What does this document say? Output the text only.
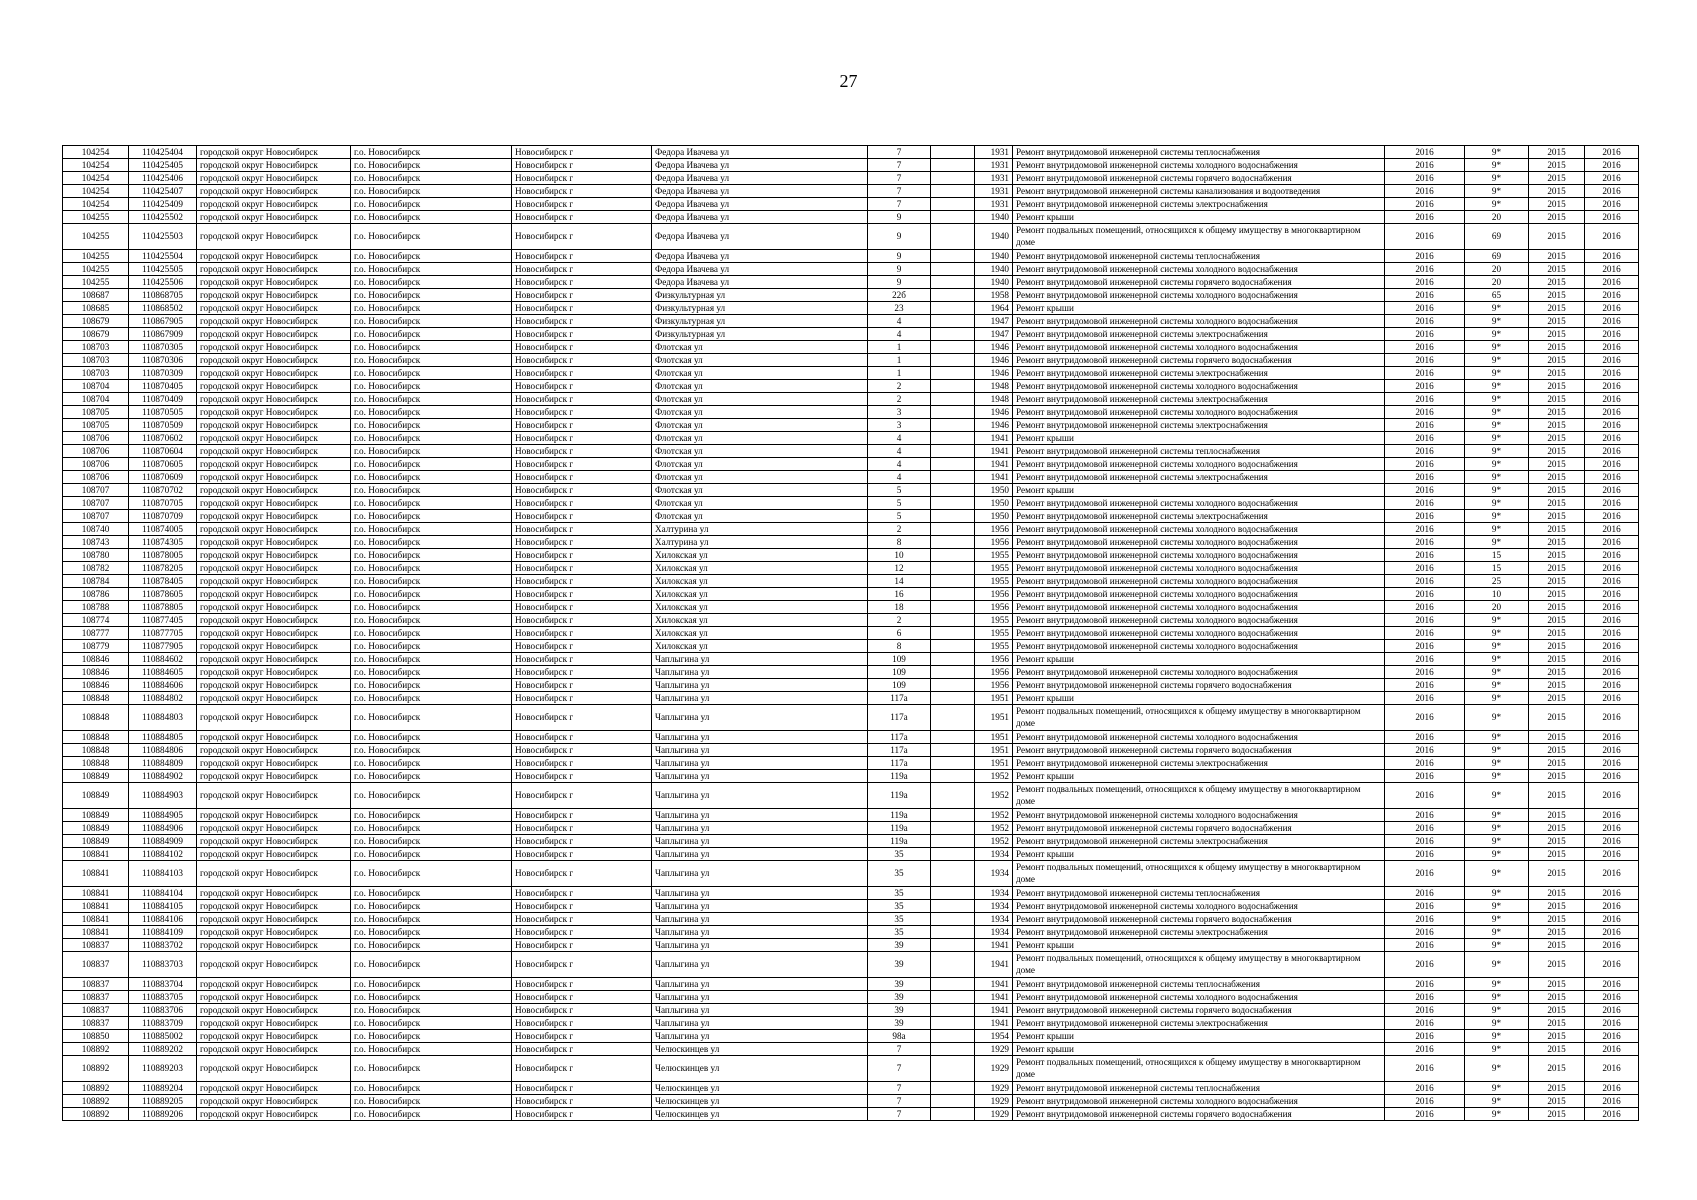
27
104254	110425404	городской округ Новосибирск	г.о. Новосибирск	Новосибирск г	Федора Ивачева ул	7		1931	Ремонт внутридомовой инженерной системы теплоснабжения	2016	9*	2015	2016
104254	110425405	городской округ Новосибирск	г.о. Новосибирск	Новосибирск г	Федора Ивачева ул	7		1931	Ремонт внутридомовой инженерной системы холодного водоснабжения	2016	9*	2015	2016
104254	110425406	городской округ Новосибирск	г.о. Новосибирск	Новосибирск г	Федора Ивачева ул	7		1931	Ремонт внутридомовой инженерной системы горячего водоснабжения	2016	9*	2015	2016
104254	110425407	городской округ Новосибирск	г.о. Новосибирск	Новосибирск г	Федора Ивачева ул	7		1931	Ремонт внутридомовой инженерной системы канализования и водоотведения	2016	9*	2015	2016
104254	110425409	городской округ Новосибирск	г.о. Новосибирск	Новосибирск г	Федора Ивачева ул	7		1931	Ремонт внутридомовой инженерной системы электроснабжения	2016	9*	2015	2016
104255	110425502	городской округ Новосибирск	г.о. Новосибирск	Новосибирск г	Федора Ивачева ул	9		1940	Ремонт крыши	2016	20	2015	2016
104255	110425503	городской округ Новосибирск	г.о. Новосибирск	Новосибирск г	Федора Ивачева ул	9		1940	Ремонт подвальных помещений, относящихся к общему имуществу в многоквартирном доме	2016	69	2015	2016
104255	110425504	городской округ Новосибирск	г.о. Новосибирск	Новосибирск г	Федора Ивачева ул	9		1940	Ремонт внутридомовой инженерной системы теплоснабжения	2016	69	2015	2016
104255	110425505	городской округ Новосибирск	г.о. Новосибирск	Новосибирск г	Федора Ивачева ул	9		1940	Ремонт внутридомовой инженерной системы холодного водоснабжения	2016	20	2015	2016
104255	110425506	городской округ Новосибирск	г.о. Новосибирск	Новосибирск г	Федора Ивачева ул	9		1940	Ремонт внутридомовой инженерной системы горячего водоснабжения	2016	20	2015	2016
108687	110868705	городской округ Новосибирск	г.о. Новосибирск	Новосибирск г	Физкультурная ул	22б		1958	Ремонт внутридомовой инженерной системы холодного водоснабжения	2016	65	2015	2016
108685	110868502	городской округ Новосибирск	г.о. Новосибирск	Новосибирск г	Физкультурная ул	23		1964	Ремонт крыши	2016	9*	2015	2016
108679	110867905	городской округ Новосибирск	г.о. Новосибирск	Новосибирск г	Физкультурная ул	4		1947	Ремонт внутридомовой инженерной системы холодного водоснабжения	2016	9*	2015	2016
108679	110867909	городской округ Новосибирск	г.о. Новосибирск	Новосибирск г	Физкультурная ул	4		1947	Ремонт внутридомовой инженерной системы электроснабжения	2016	9*	2015	2016
108703	110870305	городской округ Новосибирск	г.о. Новосибирск	Новосибирск г	Флотская ул	1		1946	Ремонт внутридомовой инженерной системы холодного водоснабжения	2016	9*	2015	2016
108703	110870306	городской округ Новосибирск	г.о. Новосибирск	Новосибирск г	Флотская ул	1		1946	Ремонт внутридомовой инженерной системы горячего водоснабжения	2016	9*	2015	2016
108703	110870309	городской округ Новосибирск	г.о. Новосибирск	Новосибирск г	Флотская ул	1		1946	Ремонт внутридомовой инженерной системы электроснабжения	2016	9*	2015	2016
108704	110870405	городской округ Новосибирск	г.о. Новосибирск	Новосибирск г	Флотская ул	2		1948	Ремонт внутридомовой инженерной системы холодного водоснабжения	2016	9*	2015	2016
108704	110870409	городской округ Новосибирск	г.о. Новосибирск	Новосибирск г	Флотская ул	2		1948	Ремонт внутридомовой инженерной системы электроснабжения	2016	9*	2015	2016
108705	110870505	городской округ Новосибирск	г.о. Новосибирск	Новосибирск г	Флотская ул	3		1946	Ремонт внутридомовой инженерной системы холодного водоснабжения	2016	9*	2015	2016
108705	110870509	городской округ Новосибирск	г.о. Новосибирск	Новосибирск г	Флотская ул	3		1946	Ремонт внутридомовой инженерной системы электроснабжения	2016	9*	2015	2016
108706	110870602	городской округ Новосибирск	г.о. Новосибирск	Новосибирск г	Флотская ул	4		1941	Ремонт крыши	2016	9*	2015	2016
108706	110870604	городской округ Новосибирск	г.о. Новосибирск	Новосибирск г	Флотская ул	4		1941	Ремонт внутридомовой инженерной системы теплоснабжения	2016	9*	2015	2016
108706	110870605	городской округ Новосибирск	г.о. Новосибирск	Новосибирск г	Флотская ул	4		1941	Ремонт внутридомовой инженерной системы холодного водоснабжения	2016	9*	2015	2016
108706	110870609	городской округ Новосибирск	г.о. Новосибирск	Новосибирск г	Флотская ул	4		1941	Ремонт внутридомовой инженерной системы электроснабжения	2016	9*	2015	2016
108707	110870702	городской округ Новосибирск	г.о. Новосибирск	Новосибирск г	Флотская ул	5		1950	Ремонт крыши	2016	9*	2015	2016
108707	110870705	городской округ Новосибирск	г.о. Новосибирск	Новосибирск г	Флотская ул	5		1950	Ремонт внутридомовой инженерной системы холодного водоснабжения	2016	9*	2015	2016
108707	110870709	городской округ Новосибирск	г.о. Новосибирск	Новосибирск г	Флотская ул	5		1950	Ремонт внутридомовой инженерной системы электроснабжения	2016	9*	2015	2016
108740	110874005	городской округ Новосибирск	г.о. Новосибирск	Новосибирск г	Халтурина ул	2		1956	Ремонт внутридомовой инженерной системы холодного водоснабжения	2016	9*	2015	2016
108743	110874305	городской округ Новосибирск	г.о. Новосибирск	Новосибирск г	Халтурина ул	8		1956	Ремонт внутридомовой инженерной системы холодного водоснабжения	2016	9*	2015	2016
108780	110878005	городской округ Новосибирск	г.о. Новосибирск	Новосибирск г	Хилокская ул	10		1955	Ремонт внутридомовой инженерной системы холодного водоснабжения	2016	15	2015	2016
108782	110878205	городской округ Новосибирск	г.о. Новосибирск	Новосибирск г	Хилокская ул	12		1955	Ремонт внутридомовой инженерной системы холодного водоснабжения	2016	15	2015	2016
108784	110878405	городской округ Новосибирск	г.о. Новосибирск	Новосибирск г	Хилокская ул	14		1955	Ремонт внутридомовой инженерной системы холодного водоснабжения	2016	25	2015	2016
108786	110878605	городской округ Новосибирск	г.о. Новосибирск	Новосибирск г	Хилокская ул	16		1956	Ремонт внутридомовой инженерной системы холодного водоснабжения	2016	10	2015	2016
108788	110878805	городской округ Новосибирск	г.о. Новосибирск	Новосибирск г	Хилокская ул	18		1956	Ремонт внутридомовой инженерной системы холодного водоснабжения	2016	20	2015	2016
108774	110877405	городской округ Новосибирск	г.о. Новосибирск	Новосибирск г	Хилокская ул	2		1955	Ремонт внутридомовой инженерной системы холодного водоснабжения	2016	9*	2015	2016
108777	110877705	городской округ Новосибирск	г.о. Новосибирск	Новосибирск г	Хилокская ул	6		1955	Ремонт внутридомовой инженерной системы холодного водоснабжения	2016	9*	2015	2016
108779	110877905	городской округ Новосибирск	г.о. Новосибирск	Новосибирск г	Хилокская ул	8		1955	Ремонт внутридомовой инженерной системы холодного водоснабжения	2016	9*	2015	2016
108846	110884602	городской округ Новосибирск	г.о. Новосибирск	Новосибирск г	Чаплыгина ул	109		1956	Ремонт крыши	2016	9*	2015	2016
108846	110884605	городской округ Новосибирск	г.о. Новосибирск	Новосибирск г	Чаплыгина ул	109		1956	Ремонт внутридомовой инженерной системы холодного водоснабжения	2016	9*	2015	2016
108846	110884606	городской округ Новосибирск	г.о. Новосибирск	Новосибирск г	Чаплыгина ул	109		1956	Ремонт внутридомовой инженерной системы горячего водоснабжения	2016	9*	2015	2016
108848	110884802	городской округ Новосибирск	г.о. Новосибирск	Новосибирск г	Чаплыгина ул	117а		1951	Ремонт крыши	2016	9*	2015	2016
108848	110884803	городской округ Новосибирск	г.о. Новосибирск	Новосибирск г	Чаплыгина ул	117а		1951	Ремонт подвальных помещений, относящихся к общему имуществу в многоквартирном доме	2016	9*	2015	2016
108848	110884805	городской округ Новосибирск	г.о. Новосибирск	Новосибирск г	Чаплыгина ул	117а		1951	Ремонт внутридомовой инженерной системы холодного водоснабжения	2016	9*	2015	2016
108848	110884806	городской округ Новосибирск	г.о. Новосибирск	Новосибирск г	Чаплыгина ул	117а		1951	Ремонт внутридомовой инженерной системы горячего водоснабжения	2016	9*	2015	2016
108848	110884809	городской округ Новосибирск	г.о. Новосибирск	Новосибирск г	Чаплыгина ул	117а		1951	Ремонт внутридомовой инженерной системы электроснабжения	2016	9*	2015	2016
108849	110884902	городской округ Новосибирск	г.о. Новосибирск	Новосибирск г	Чаплыгина ул	119а		1952	Ремонт крыши	2016	9*	2015	2016
108849	110884903	городской округ Новосибирск	г.о. Новосибирск	Новосибирск г	Чаплыгина ул	119а		1952	Ремонт подвальных помещений, относящихся к общему имуществу в многоквартирном доме	2016	9*	2015	2016
108849	110884905	городской округ Новосибирск	г.о. Новосибирск	Новосибирск г	Чаплыгина ул	119а		1952	Ремонт внутридомовой инженерной системы холодного водоснабжения	2016	9*	2015	2016
108849	110884906	городской округ Новосибирск	г.о. Новосибирск	Новосибирск г	Чаплыгина ул	119а		1952	Ремонт внутридомовой инженерной системы горячего водоснабжения	2016	9*	2015	2016
108849	110884909	городской округ Новосибирск	г.о. Новосибирск	Новосибирск г	Чаплыгина ул	119а		1952	Ремонт внутридомовой инженерной системы электроснабжения	2016	9*	2015	2016
108841	110884102	городской округ Новосибирск	г.о. Новосибирск	Новосибирск г	Чаплыгина ул	35		1934	Ремонт крыши	2016	9*	2015	2016
108841	110884103	городской округ Новосибирск	г.о. Новосибирск	Новосибирск г	Чаплыгина ул	35		1934	Ремонт подвальных помещений, относящихся к общему имуществу в многоквартирном доме	2016	9*	2015	2016
108841	110884104	городской округ Новосибирск	г.о. Новосибирск	Новосибирск г	Чаплыгина ул	35		1934	Ремонт внутридомовой инженерной системы теплоснабжения	2016	9*	2015	2016
108841	110884105	городской округ Новосибирск	г.о. Новосибирск	Новосибирск г	Чаплыгина ул	35		1934	Ремонт внутридомовой инженерной системы холодного водоснабжения	2016	9*	2015	2016
108841	110884106	городской округ Новосибирск	г.о. Новосибирск	Новосибирск г	Чаплыгина ул	35		1934	Ремонт внутридомовой инженерной системы горячего водоснабжения	2016	9*	2015	2016
108841	110884109	городской округ Новосибирск	г.о. Новосибирск	Новосибирск г	Чаплыгина ул	35		1934	Ремонт внутридомовой инженерной системы электроснабжения	2016	9*	2015	2016
108837	110883702	городской округ Новосибирск	г.о. Новосибирск	Новосибирск г	Чаплыгина ул	39		1941	Ремонт крыши	2016	9*	2015	2016
108837	110883703	городской округ Новосибирск	г.о. Новосибирск	Новосибирск г	Чаплыгина ул	39		1941	Ремонт подвальных помещений, относящихся к общему имуществу в многоквартирном доме	2016	9*	2015	2016
108837	110883704	городской округ Новосибирск	г.о. Новосибирск	Новосибирск г	Чаплыгина ул	39		1941	Ремонт внутридомовой инженерной системы теплоснабжения	2016	9*	2015	2016
108837	110883705	городской округ Новосибирск	г.о. Новосибирск	Новосибирск г	Чаплыгина ул	39		1941	Ремонт внутридомовой инженерной системы холодного водоснабжения	2016	9*	2015	2016
108837	110883706	городской округ Новосибирск	г.о. Новосибирск	Новосибирск г	Чаплыгина ул	39		1941	Ремонт внутридомовой инженерной системы горячего водоснабжения	2016	9*	2015	2016
108837	110883709	городской округ Новосибирск	г.о. Новосибирск	Новосибирск г	Чаплыгина ул	39		1941	Ремонт внутридомовой инженерной системы электроснабжения	2016	9*	2015	2016
108850	110885002	городской округ Новосибирск	г.о. Новосибирск	Новосибирск г	Чаплыгина ул	98а		1954	Ремонт крыши	2016	9*	2015	2016
108892	110889202	городской округ Новосибирск	г.о. Новосибирск	Новосибирск г	Челюскинцев ул	7		1929	Ремонт крыши	2016	9*	2015	2016
108892	110889203	городской округ Новосибирск	г.о. Новосибирск	Новосибирск г	Челюскинцев ул	7		1929	Ремонт подвальных помещений, относящихся к общему имуществу в многоквартирном доме	2016	9*	2015	2016
108892	110889204	городской округ Новосибирск	г.о. Новосибирск	Новосибирск г	Челюскинцев ул	7		1929	Ремонт внутридомовой инженерной системы теплоснабжения	2016	9*	2015	2016
108892	110889205	городской округ Новосибирск	г.о. Новосибирск	Новосибирск г	Челюскинцев ул	7		1929	Ремонт внутридомовой инженерной системы холодного водоснабжения	2016	9*	2015	2016
108892	110889206	городской округ Новосибирск	г.о. Новосибирск	Новосибирск г	Челюскинцев ул	7		1929	Ремонт внутридомовой инженерной системы горячего водоснабжения	2016	9*	2015	2016
